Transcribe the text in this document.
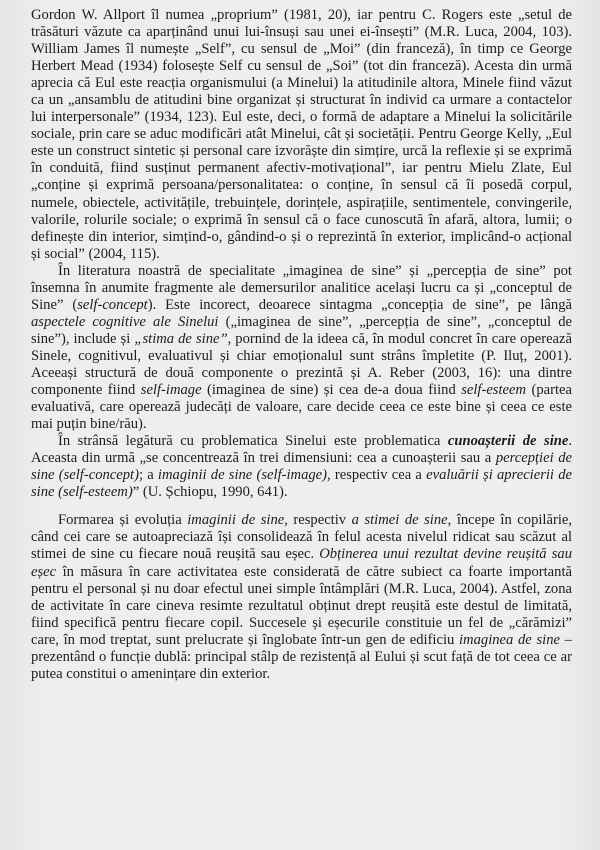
Gordon W. Allport îl numea „proprium” (1981, 20), iar pentru C. Rogers este „setul de trăsături văzute ca aparținând unui lui-însuși sau unei ei-însești” (M.R. Luca, 2004, 103). William James îl numește „Self”, cu sensul de „Moi” (din franceză), în timp ce George Herbert Mead (1934) folosește Self cu sensul de „Soi” (tot din franceză). Acesta din urmă aprecia că Eul este reacția organismului (a Minelui) la atitudinile altora, Minele fiind văzut ca un „ansamblu de atitudini bine organizat și structurat în individ ca urmare a contactelor lui interpersonale” (1934, 123). Eul este, deci, o formă de adaptare a Minelui la solicitările sociale, prin care se aduc modificări atât Minelui, cât și societății. Pentru George Kelly, „Eul este un construct sintetic și personal care izvorăște din simțire, urcă la reflexie și se exprimă în conduită, fiind susținut permanent afectiv-motivațional”, iar pentru Mielu Zlate, Eul „conține și exprimă persoana/personalitatea: o conține, în sensul că îi posedă corpul, numele, obiectele, activitățile, trebuințele, dorințele, aspirațiile, sentimentele, convingerile, valorile, rolurile sociale; o exprimă în sensul că o face cunoscută în afară, altora, lumii; o definește din interior, simțind-o, gândind-o și o reprezintă în exterior, implicând-o acțional și social” (2004, 115).

În literatura noastră de specialitate „imaginea de sine” și „percepția de sine” pot însemna în anumite fragmente ale demersurilor analitice același lucru ca și „conceptul de Sine” (self-concept). Este incorect, deoarece sintagma „concepția de sine”, pe lângă aspectele cognitive ale Sinelui („imaginea de sine”, „percepția de sine”, „conceptul de sine”), include și „stima de sine”, pornind de la ideea că, în modul concret în care operează Sinele, cognitivul, evaluativul și chiar emoționalul sunt strâns împletite (P. Iluț, 2001). Aceeași structură de două componente o prezintă și A. Reber (2003, 16): una dintre componente fiind self-image (imaginea de sine) și cea de-a doua fiind self-esteem (partea evaluativă, care operează judecăți de valoare, care decide ceea ce este bine și ceea ce este mai puțin bine/rău).

În strânsă legătură cu problematica Sinelui este problematica cunoașterii de sine. Aceasta din urmă „se concentrează în trei dimensiuni: cea a cunoașterii sau a percepției de sine (self-concept); a imaginii de sine (self-image), respectiv cea a evaluării și aprecierii de sine (self-esteem)” (U. Șchiopu, 1990, 641).

Formarea și evoluția imaginii de sine, respectiv a stimei de sine, începe în copilărie, când cei care se autoapreciază își consolidează în felul acesta nivelul ridicat sau scăzut al stimei de sine cu fiecare nouă reușită sau eșec. Obținerea unui rezultat devine reușită sau eșec în măsura în care activitatea este considerată de către subiect ca foarte importantă pentru el personal și nu doar efectul unei simple întâmplări (M.R. Luca, 2004). Astfel, zona de activitate în care cineva resimte rezultatul obținut drept reușită este destul de limitată, fiind specifică pentru fiecare copil. Succesele și eșecurile constituie un fel de „cărămizi” care, în mod treptat, sunt prelucrate și înglobate într-un gen de edificiu imaginea de sine – prezentând o funcție dublă: principal stâlp de rezistență al Eului și scut față de tot ceea ce ar putea constitui o amenințare din exterior.
